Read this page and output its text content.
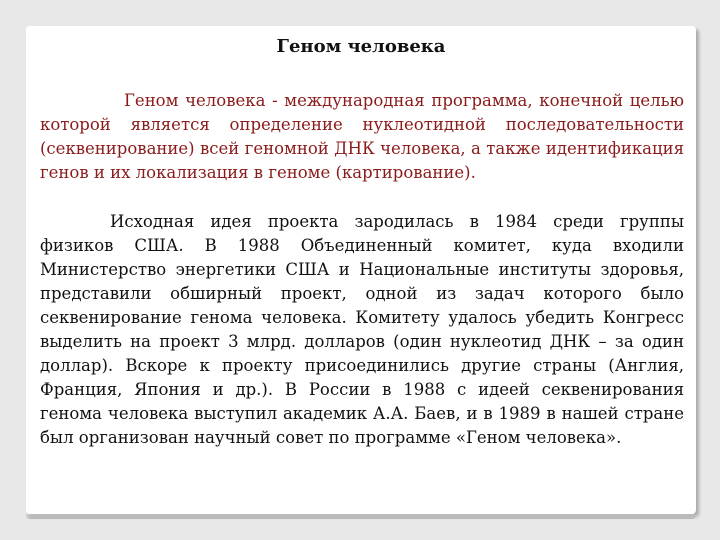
Геном человека

Геном человека - международная программа, конечной целью которой является определение нуклеотидной последовательности (секвенирование) всей геномной ДНК человека, а также идентификация генов и их локализация в геноме (картирование).

Исходная идея проекта зародилась в 1984 среди группы физиков США. В 1988 Объединенный комитет, куда входили Министерство энергетики США и Национальные институты здоровья, представили обширный проект, одной из задач которого было секвенирование генома человека. Комитету удалось убедить Конгресс выделить на проект 3 млрд. долларов (один нуклеотид ДНК – за один доллар). Вскоре к проекту присоединились другие страны (Англия, Франция, Япония и др.). В России в 1988 с идеей секвенирования генома человека выступил академик А.А. Баев, и в 1989 в нашей стране был организован научный совет по программе «Геном человека».
